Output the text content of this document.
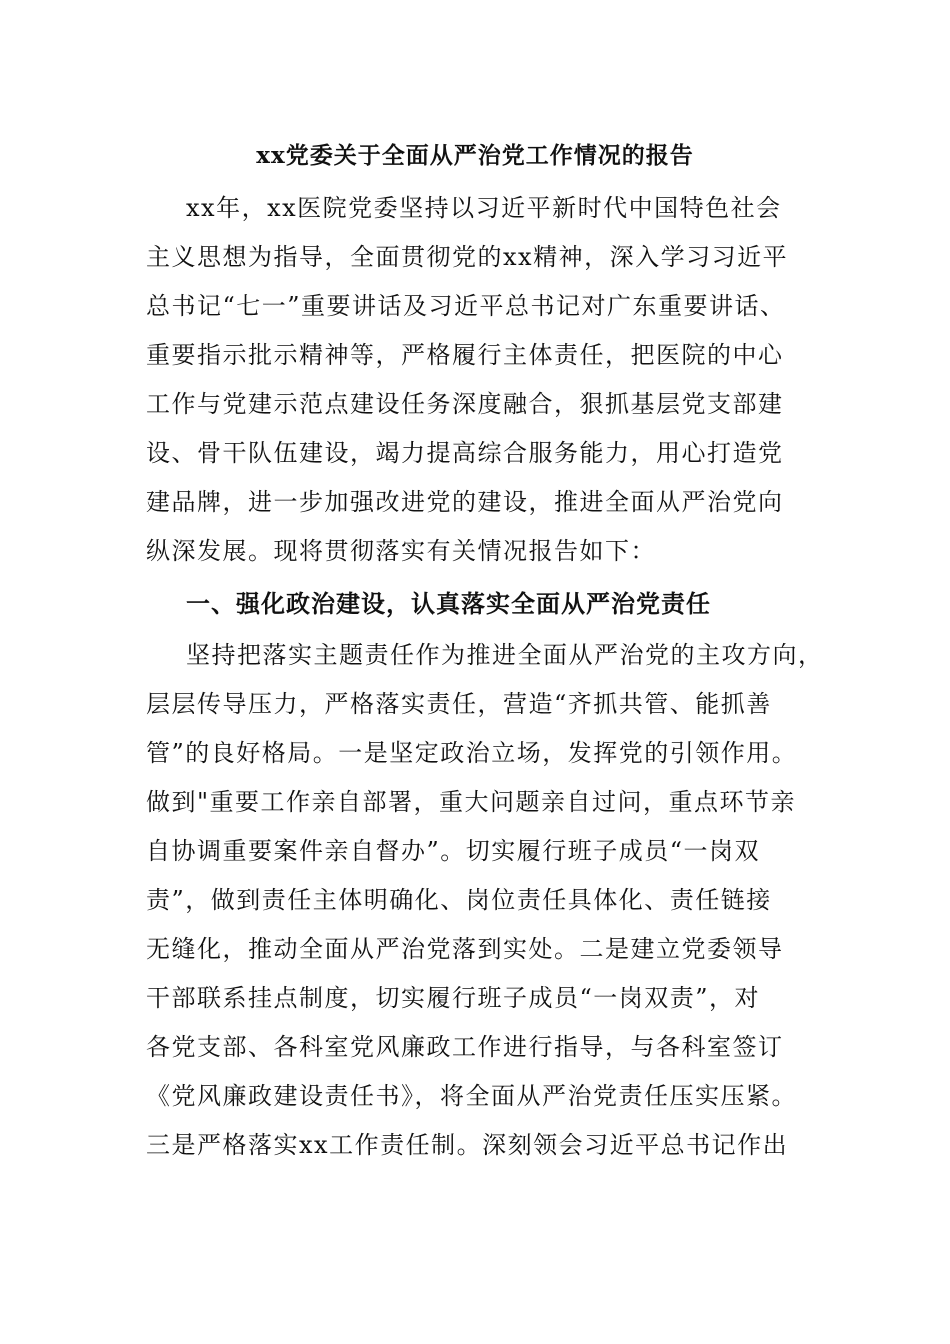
xx党委关于全面从严治党工作情况的报告
xx年，xx医院党委坚持以习近平新时代中国特色社会
主义思想为指导，全面贯彻党的xx精神，深入学习习近平
总书记“七一”重要讲话及习近平总书记对广东重要讲话、
重要指示批示精神等，严格履行主体责任，把医院的中心
工作与党建示范点建设任务深度融合，狠抓基层党支部建
设、骨干队伍建设，竭力提高综合服务能力，用心打造党
建品牌，进一步加强改进党的建设，推进全面从严治党向
纵深发展。现将贯彻落实有关情况报告如下：
一、强化政治建设，认真落实全面从严治党责任
坚持把落实主题责任作为推进全面从严治党的主攻方向，
层层传导压力，严格落实责任，营造“齐抓共管、能抓善
管”的良好格局。一是坚定政治立场，发挥党的引领作用。
做到"重要工作亲自部署，重大问题亲自过问，重点环节亲
自协调重要案件亲自督办”。切实履行班子成员“一岗双
责”，做到责任主体明确化、岗位责任具体化、责任链接
无缝化，推动全面从严治党落到实处。二是建立党委领导
干部联系挂点制度，切实履行班子成员“一岗双责”，对
各党支部、各科室党风廉政工作进行指导，与各科室签订
《党风廉政建设责任书》，将全面从严治党责任压实压紧。
三是严格落实xx工作责任制。深刻领会习近平总书记作出
